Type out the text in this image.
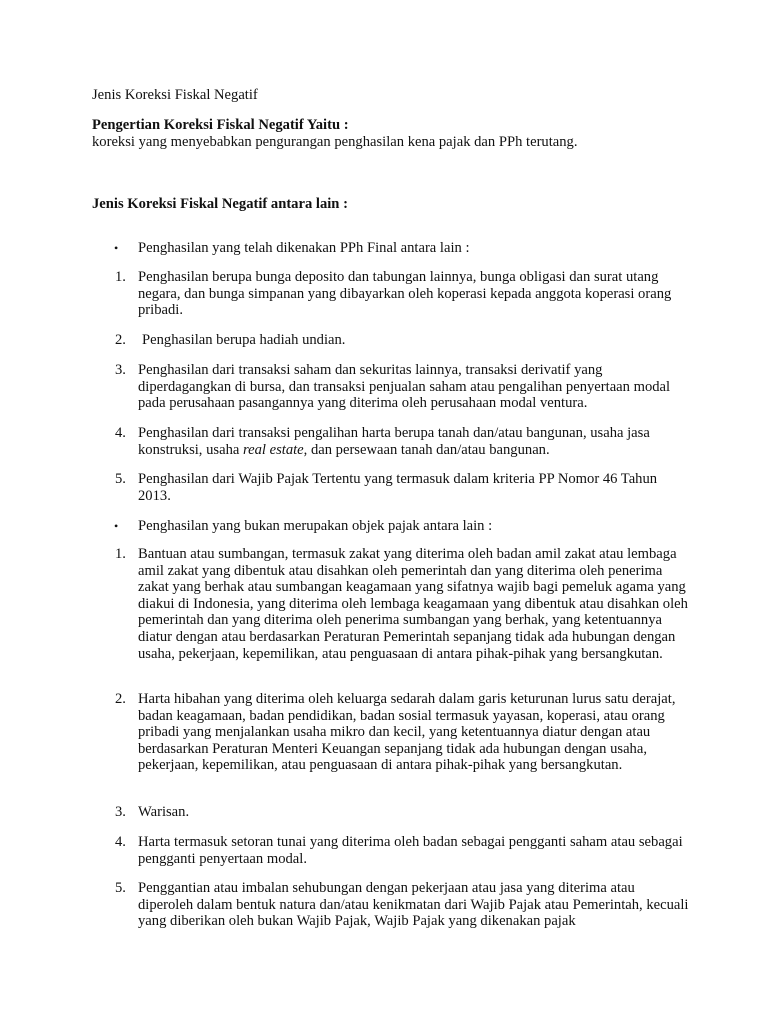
Jenis Koreksi Fiskal Negatif
Pengertian Koreksi Fiskal Negatif Yaitu :
koreksi yang menyebabkan pengurangan penghasilan kena pajak dan PPh terutang.
Jenis Koreksi Fiskal Negatif antara lain :
• Penghasilan yang telah dikenakan PPh Final antara lain :
1. Penghasilan berupa bunga deposito dan tabungan lainnya, bunga obligasi dan surat utang negara, dan bunga simpanan yang dibayarkan oleh koperasi kepada anggota koperasi orang pribadi.
2. Penghasilan berupa hadiah undian.
3. Penghasilan dari transaksi saham dan sekuritas lainnya, transaksi derivatif yang diperdagangkan di bursa, dan transaksi penjualan saham atau pengalihan penyertaan modal pada perusahaan pasangannya yang diterima oleh perusahaan modal ventura.
4. Penghasilan dari transaksi pengalihan harta berupa tanah dan/atau bangunan, usaha jasa konstruksi, usaha real estate, dan persewaan tanah dan/atau bangunan.
5. Penghasilan dari Wajib Pajak Tertentu yang termasuk dalam kriteria PP Nomor 46 Tahun 2013.
• Penghasilan yang bukan merupakan objek pajak antara lain :
1. Bantuan atau sumbangan, termasuk zakat yang diterima oleh badan amil zakat atau lembaga amil zakat yang dibentuk atau disahkan oleh pemerintah dan yang diterima oleh penerima zakat yang berhak atau sumbangan keagamaan yang sifatnya wajib bagi pemeluk agama yang diakui di Indonesia, yang diterima oleh lembaga keagamaan yang dibentuk atau disahkan oleh pemerintah dan yang diterima oleh penerima sumbangan yang berhak, yang ketentuannya diatur dengan atau berdasarkan Peraturan Pemerintah sepanjang tidak ada hubungan dengan usaha, pekerjaan, kepemilikan, atau penguasaan di antara pihak-pihak yang bersangkutan.
2. Harta hibahan yang diterima oleh keluarga sedarah dalam garis keturunan lurus satu derajat, badan keagamaan, badan pendidikan, badan sosial termasuk yayasan, koperasi, atau orang pribadi yang menjalankan usaha mikro dan kecil, yang ketentuannya diatur dengan atau berdasarkan Peraturan Menteri Keuangan sepanjang tidak ada hubungan dengan usaha, pekerjaan, kepemilikan, atau penguasaan di antara pihak-pihak yang bersangkutan.
3. Warisan.
4. Harta termasuk setoran tunai yang diterima oleh badan sebagai pengganti saham atau sebagai pengganti penyertaan modal.
5. Penggantian atau imbalan sehubungan dengan pekerjaan atau jasa yang diterima atau diperoleh dalam bentuk natura dan/atau kenikmatan dari Wajib Pajak atau Pemerintah, kecuali yang diberikan oleh bukan Wajib Pajak, Wajib Pajak yang dikenakan pajak
